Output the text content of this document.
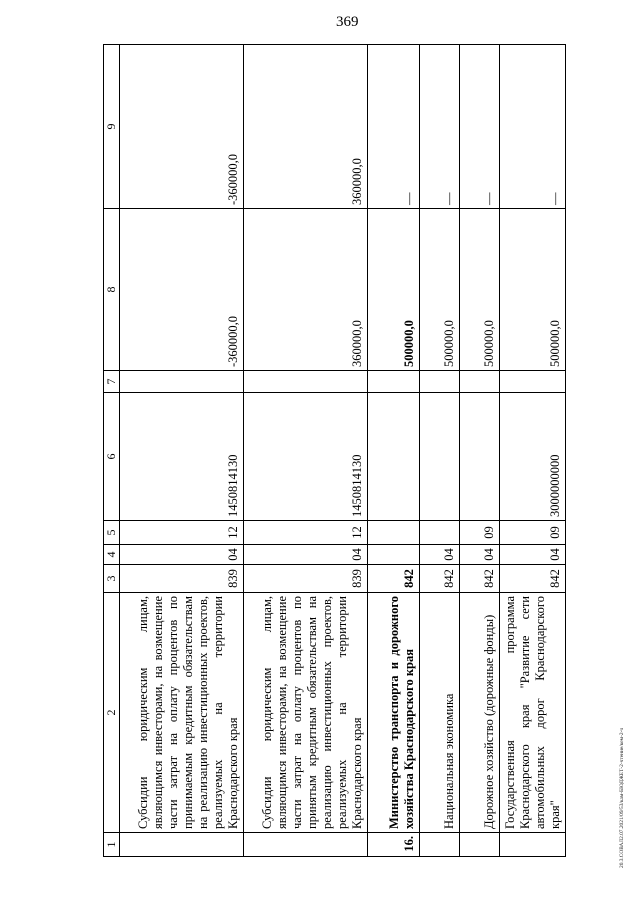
369
20.3.СОВАЛ2.07.2021/09/53/кам-БЮДЖЕТ-2-чтение/кем-2-ч
1	2	3	4	5	6	7	8	9
	Субсидии юридическим лицам, являющимся инвесторами, на возмещение части затрат на оплату процентов по принимаемым кредитным обязательствам на реализацию инвестиционных проектов, реализуемых на территории Краснодарского края	839	04	12	1450814130		-360000,0	-360000,0
	Субсидии юридическим лицам, являющимся инвесторами, на возмещение части затрат на оплату процентов по принятым кредитным обязательствам на реализацию инвестиционных проектов, реализуемых на территории Краснодарского края	839	04	12	1450814130		360000,0	360000,0
16.	Министерство транспорта и дорожного хозяйства Краснодарского края	842					500000,0	—
	Национальная экономика	842	04				500000,0	—
	Дорожное хозяйство (дорожные фонды)	842	04	09			500000,0	—
	Государственная программа Краснодарского края "Развитие сети автомобильных дорог Краснодарского края"	842	04	09	3000000000		500000,0	—
